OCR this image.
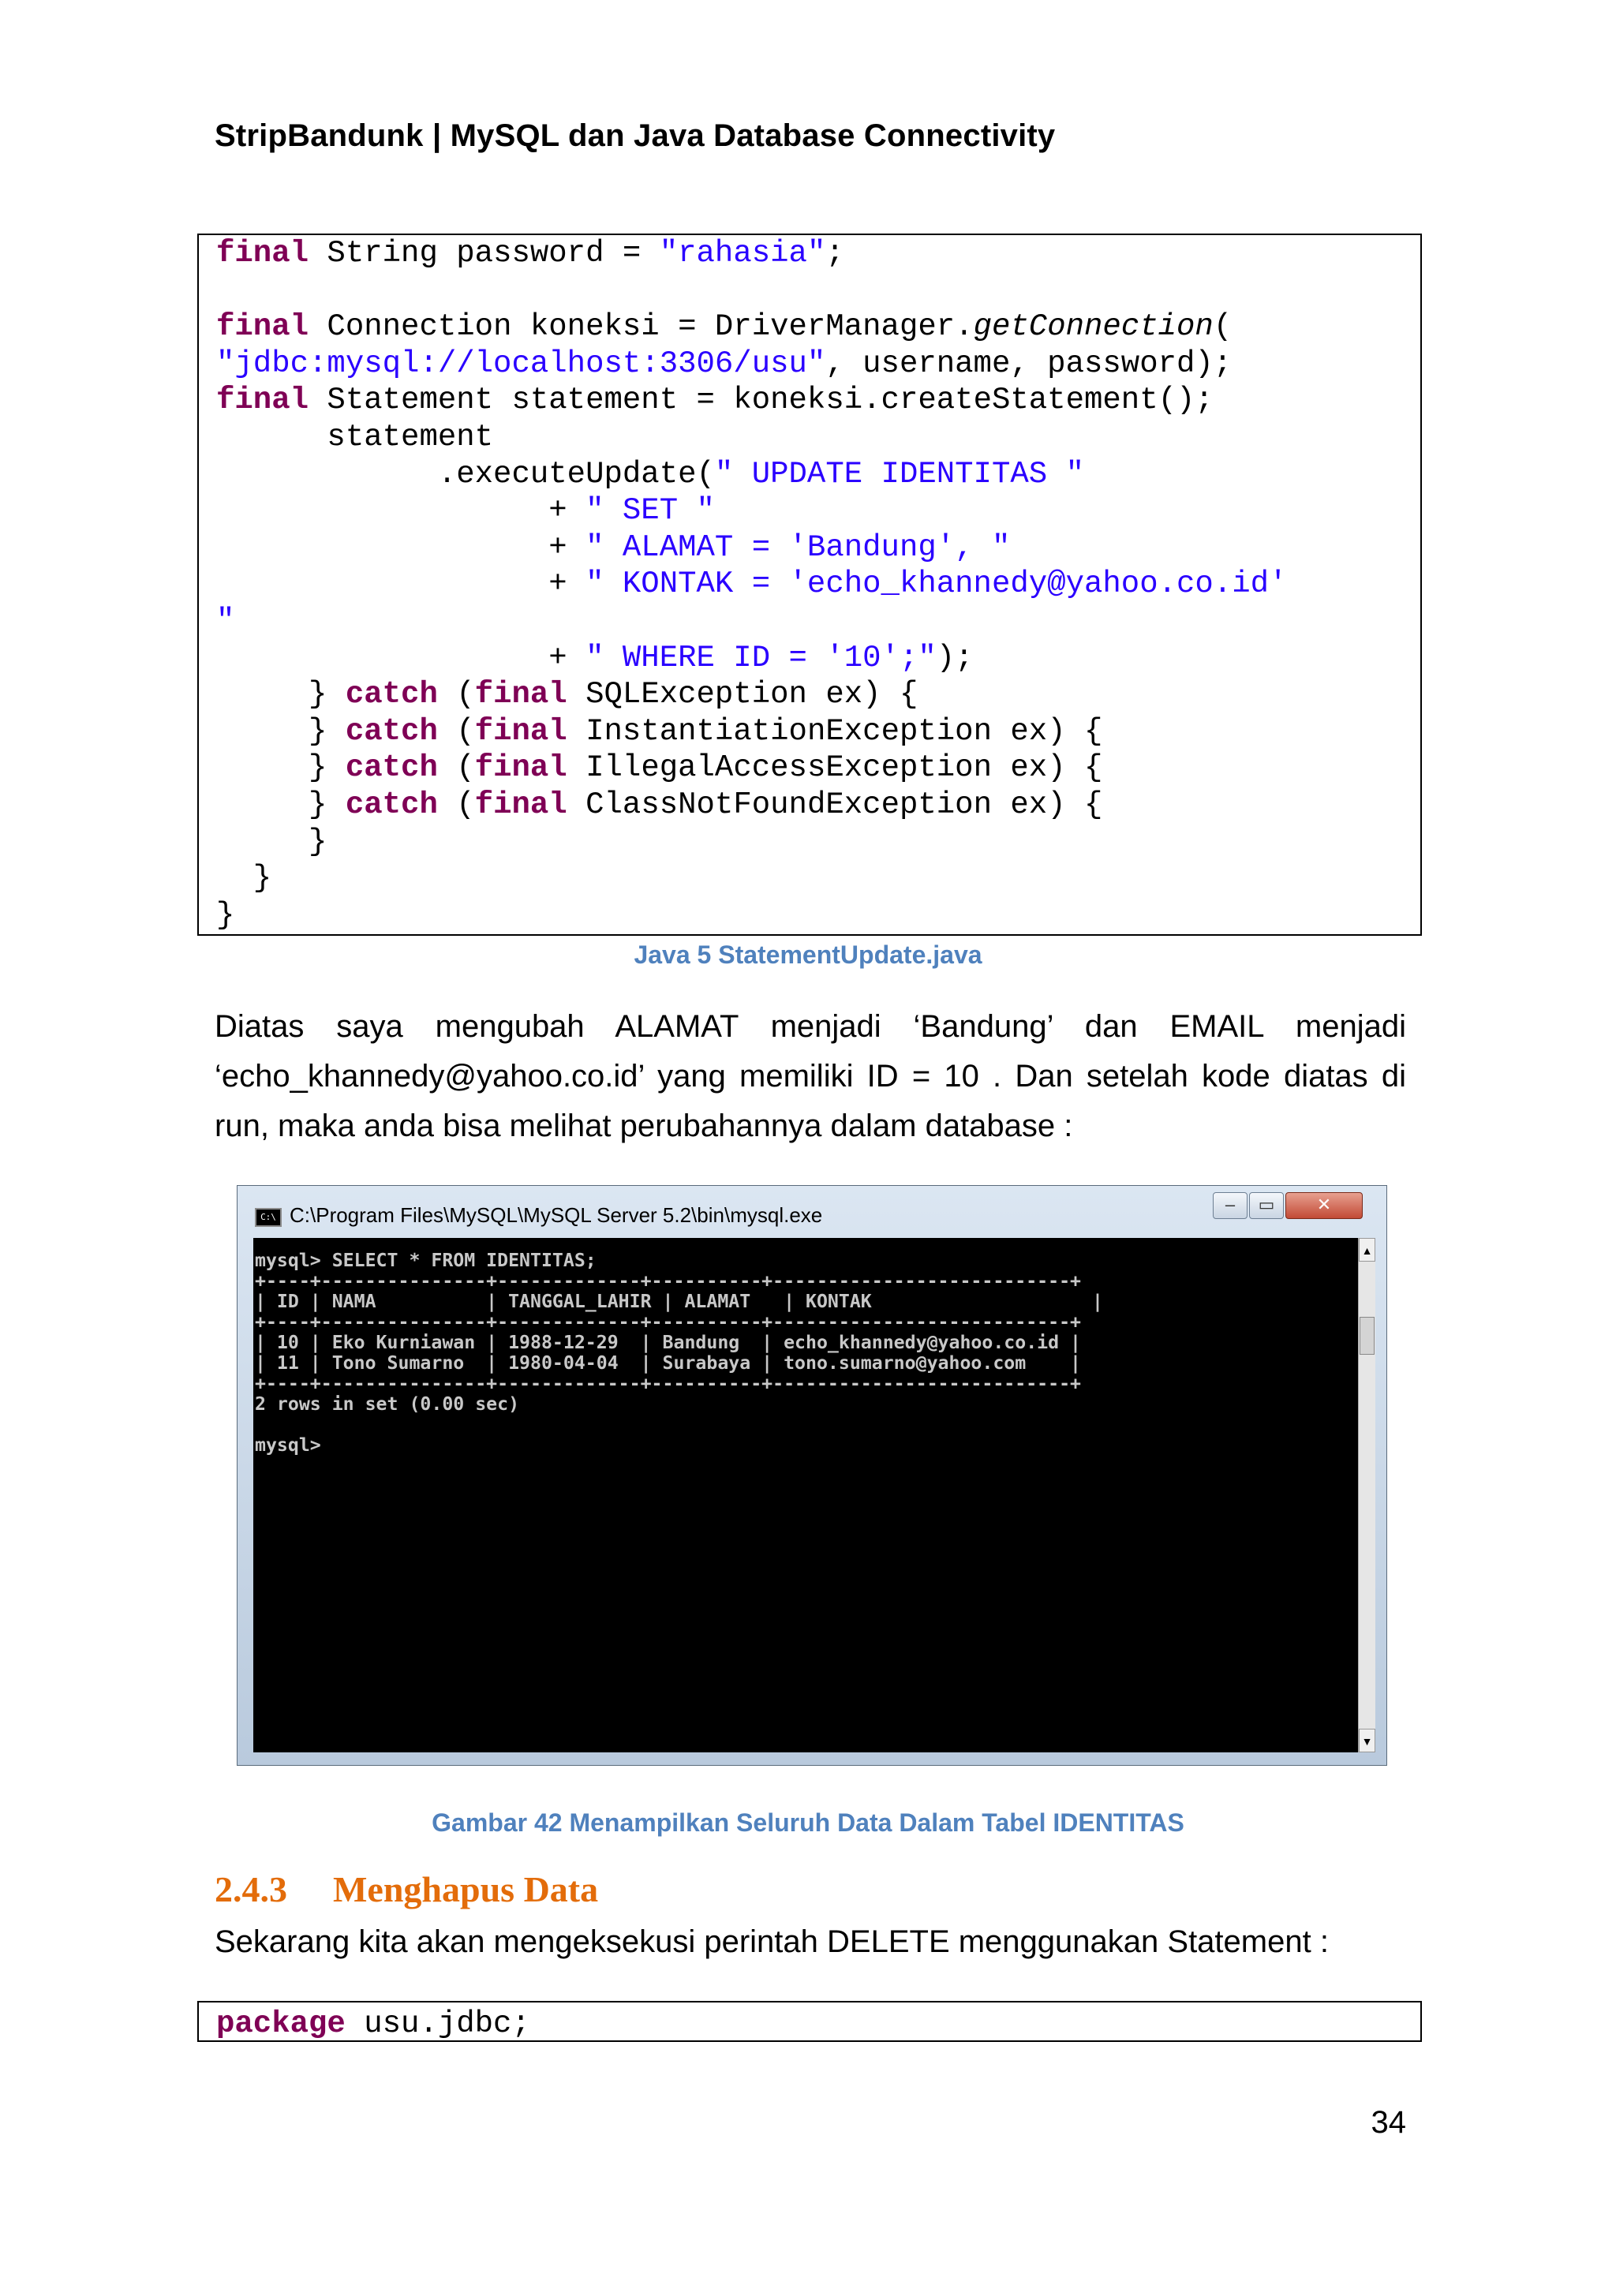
StripBandunk | MySQL dan Java Database Connectivity
final String password = "rahasia";

final Connection koneksi = DriverManager.getConnection(
"jdbc:mysql://localhost:3306/usu", username, password);
final Statement statement = koneksi.createStatement();
statement
.executeUpdate(" UPDATE IDENTITAS "
+ " SET "
+ " ALAMAT = 'Bandung', "
+ " KONTAK = 'echo_khannedy@yahoo.co.id'
"
+ " WHERE ID = '10';");
} catch (final SQLException ex) {
} catch (final InstantiationException ex) {
} catch (final IllegalAccessException ex) {
} catch (final ClassNotFoundException ex) {
}
}
}
Java 5 StatementUpdate.java
Diatas saya mengubah ALAMAT menjadi ‘Bandung’ dan EMAIL menjadi ‘echo_khannedy@yahoo.co.id’ yang memiliki ID = 10 . Dan setelah kode diatas di run, maka anda bisa melihat perubahannya dalam database :
C:\ C:\Program Files\MySQL\MySQL Server 5.2\bin\mysql.exe	–	▭	✕
mysql> SELECT * FROM IDENTITAS;
+----+---------------+-------------+----------+---------------------------+
| ID | NAMA          | TANGGAL_LAHIR | ALAMAT   | KONTAK                    |
+----+---------------+-------------+----------+---------------------------+
| 10 | Eko Kurniawan | 1988-12-29  | Bandung  | echo_khannedy@yahoo.co.id |
| 11 | Tono Sumarno  | 1980-04-04  | Surabaya | tono.sumarno@yahoo.com    |
+----+---------------+-------------+----------+---------------------------+
2 rows in set (0.00 sec)

mysql>
▲
▼
Gambar 42 Menampilkan Seluruh Data Dalam Tabel IDENTITAS
2.4.3 Menghapus Data
Sekarang kita akan mengeksekusi perintah DELETE menggunakan Statement :
package usu.jdbc;
34
